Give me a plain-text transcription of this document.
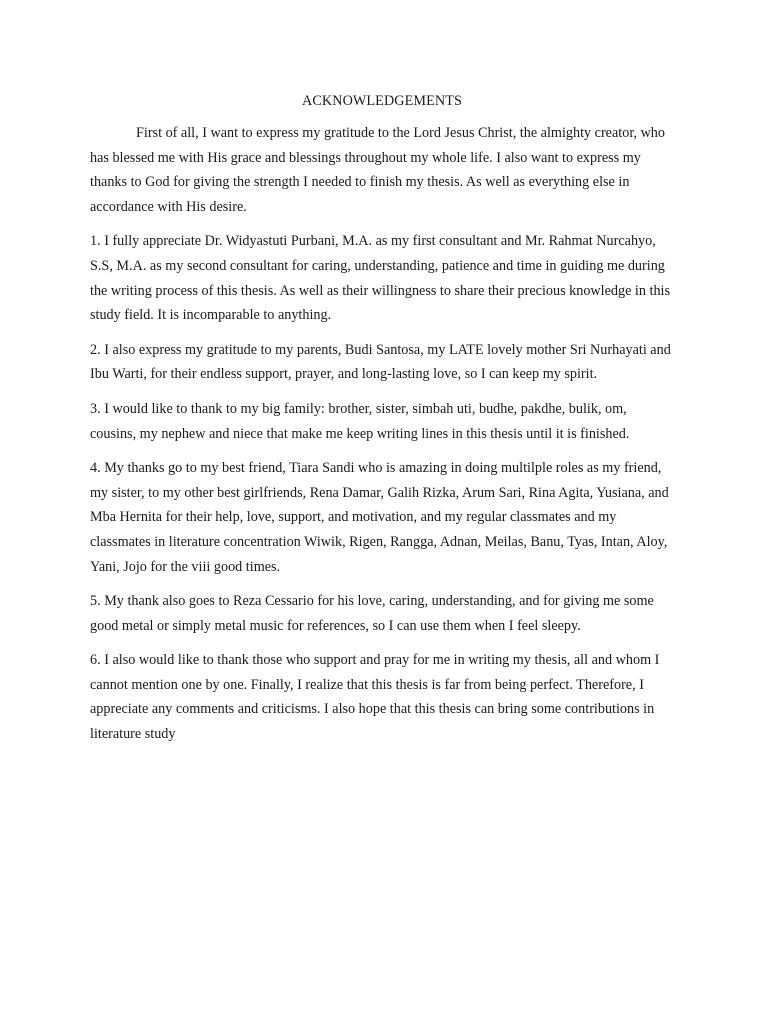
ACKNOWLEDGEMENTS

First of all, I want to express my gratitude to the Lord Jesus Christ, the almighty creator, who has blessed me with His grace and blessings throughout my whole life. I also want to express my thanks to God for giving the strength I needed to finish my thesis. As well as everything else in accordance with His desire.

1. I fully appreciate Dr. Widyastuti Purbani, M.A. as my first consultant and Mr. Rahmat Nurcahyo, S.S, M.A. as my second consultant for caring, understanding, patience and time in guiding me during the writing process of this thesis. As well as their willingness to share their precious knowledge in this study field. It is incomparable to anything.

2. I also express my gratitude to my parents, Budi Santosa, my LATE lovely mother Sri Nurhayati and Ibu Warti, for their endless support, prayer, and long-lasting love, so I can keep my spirit.

3. I would like to thank to my big family: brother, sister, simbah uti, budhe, pakdhe, bulik, om, cousins, my nephew and niece that make me keep writing lines in this thesis until it is finished.

4. My thanks go to my best friend, Tiara Sandi who is amazing in doing multilple roles as my friend, my sister, to my other best girlfriends, Rena Damar, Galih Rizka, Arum Sari, Rina Agita, Yusiana, and Mba Hernita for their help, love, support, and motivation, and my regular classmates and my classmates in literature concentration Wiwik, Rigen, Rangga, Adnan, Meilas, Banu, Tyas, Intan, Aloy, Yani, Jojo for the viii good times.

5. My thank also goes to Reza Cessario for his love, caring, understanding, and for giving me some good metal or simply metal music for references, so I can use them when I feel sleepy.

6. I also would like to thank those who support and pray for me in writing my thesis, all and whom I cannot mention one by one. Finally, I realize that this thesis is far from being perfect. Therefore, I appreciate any comments and criticisms. I also hope that this thesis can bring some contributions in literature study
